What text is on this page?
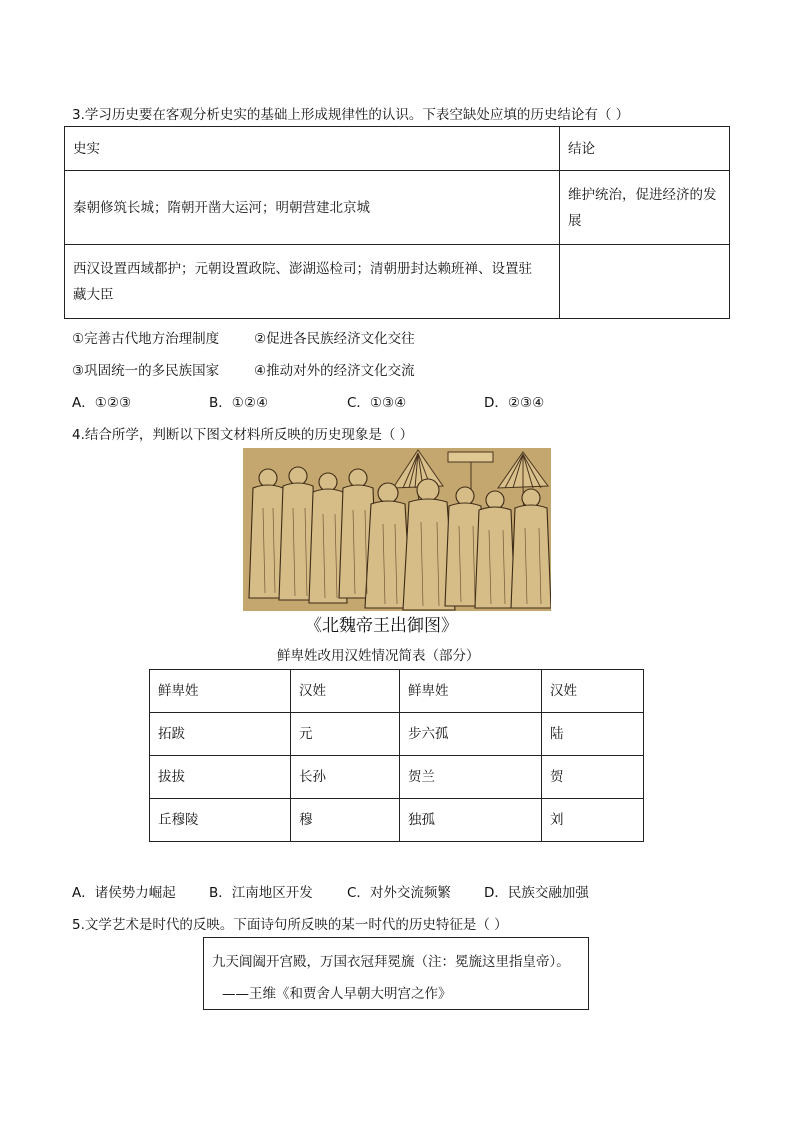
3.学习历史要在客观分析史实的基础上形成规律性的认识。下表空缺处应填的历史结论有（ ）
史实	结论
秦朝修筑长城；隋朝开凿大运河；明朝营建北京城	维护统治，促进经济的发
展

西汉设置西域都护；元朝设置政院、澎湖巡检司；清朝册封达赖班禅、设置驻
藏大臣	

①完善古代地方治理制度	②促进各民族经济文化交往
③巩固统一的多民族国家	④推动对外的经济文化交流
A．①②③	B．①②④	C．①③④	D．②③④
4.结合所学，判断以下图文材料所反映的历史现象是（ ）
《北魏帝王出御图》
鲜卑姓改用汉姓情况简表（部分）
鲜卑姓	汉姓	鲜卑姓	汉姓
拓跋	元	步六孤	陆
拔拔	长孙	贺兰	贺
丘穆陵	穆	独孤	刘
A．诸侯势力崛起 B．江南地区开发	C．对外交流频繁 D．民族交融加强
5.文学艺术是时代的反映。下面诗句所反映的某一时代的历史特征是（ ）
九天阊阖开宫殿，万国衣冠拜冕旒（注：冕旒这里指皇帝）。
——王维《和贾舍人早朝大明宫之作》
